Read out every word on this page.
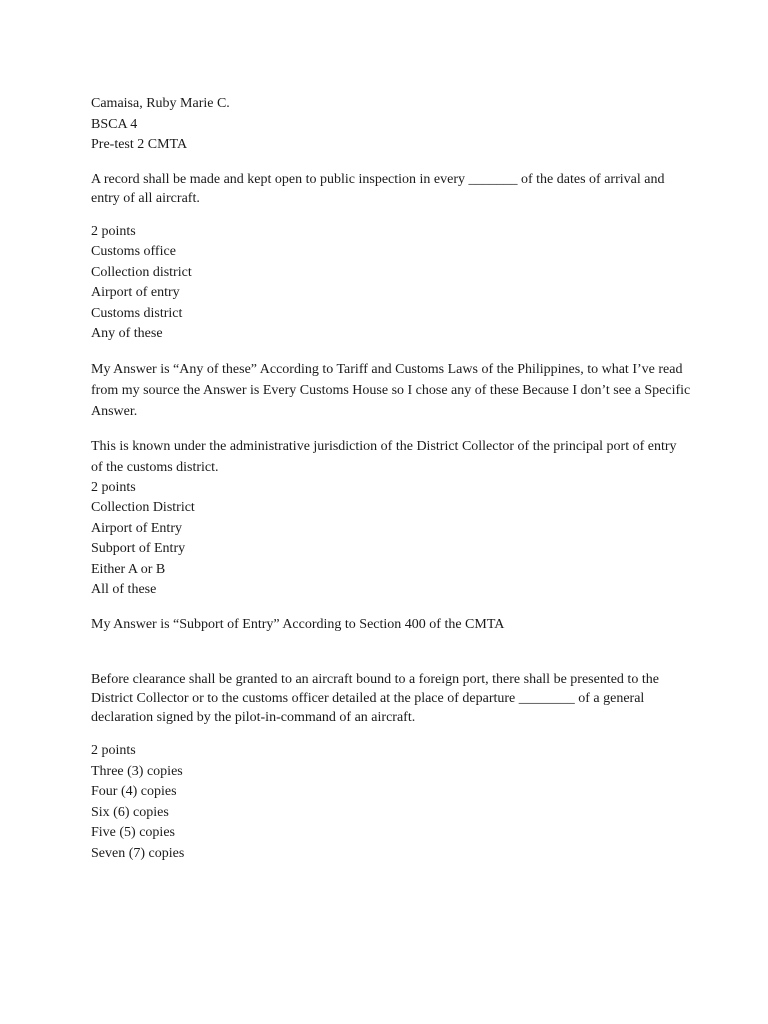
Camaisa, Ruby Marie C.
BSCA 4
Pre-test 2 CMTA
A record shall be made and kept open to public inspection in every _______ of the dates of arrival and entry of all aircraft.
2 points
Customs office
Collection district
Airport of entry
Customs district
Any of these
My Answer is “Any of these” According to Tariff and Customs Laws of the Philippines, to what I’ve read from my source the Answer is Every Customs House so I chose any of these Because I don’t see a Specific Answer.
This is known under the administrative jurisdiction of the District Collector of the principal port of entry of the customs district.
2 points
Collection District
Airport of Entry
Subport of Entry
Either A or B
All of these
My Answer is “Subport of Entry” According to Section 400 of the CMTA
Before clearance shall be granted to an aircraft bound to a foreign port, there shall be presented to the District Collector or to the customs officer detailed at the place of departure ________ of a general declaration signed by the pilot-in-command of an aircraft.
2 points
Three (3) copies
Four (4) copies
Six (6) copies
Five (5) copies
Seven (7) copies
